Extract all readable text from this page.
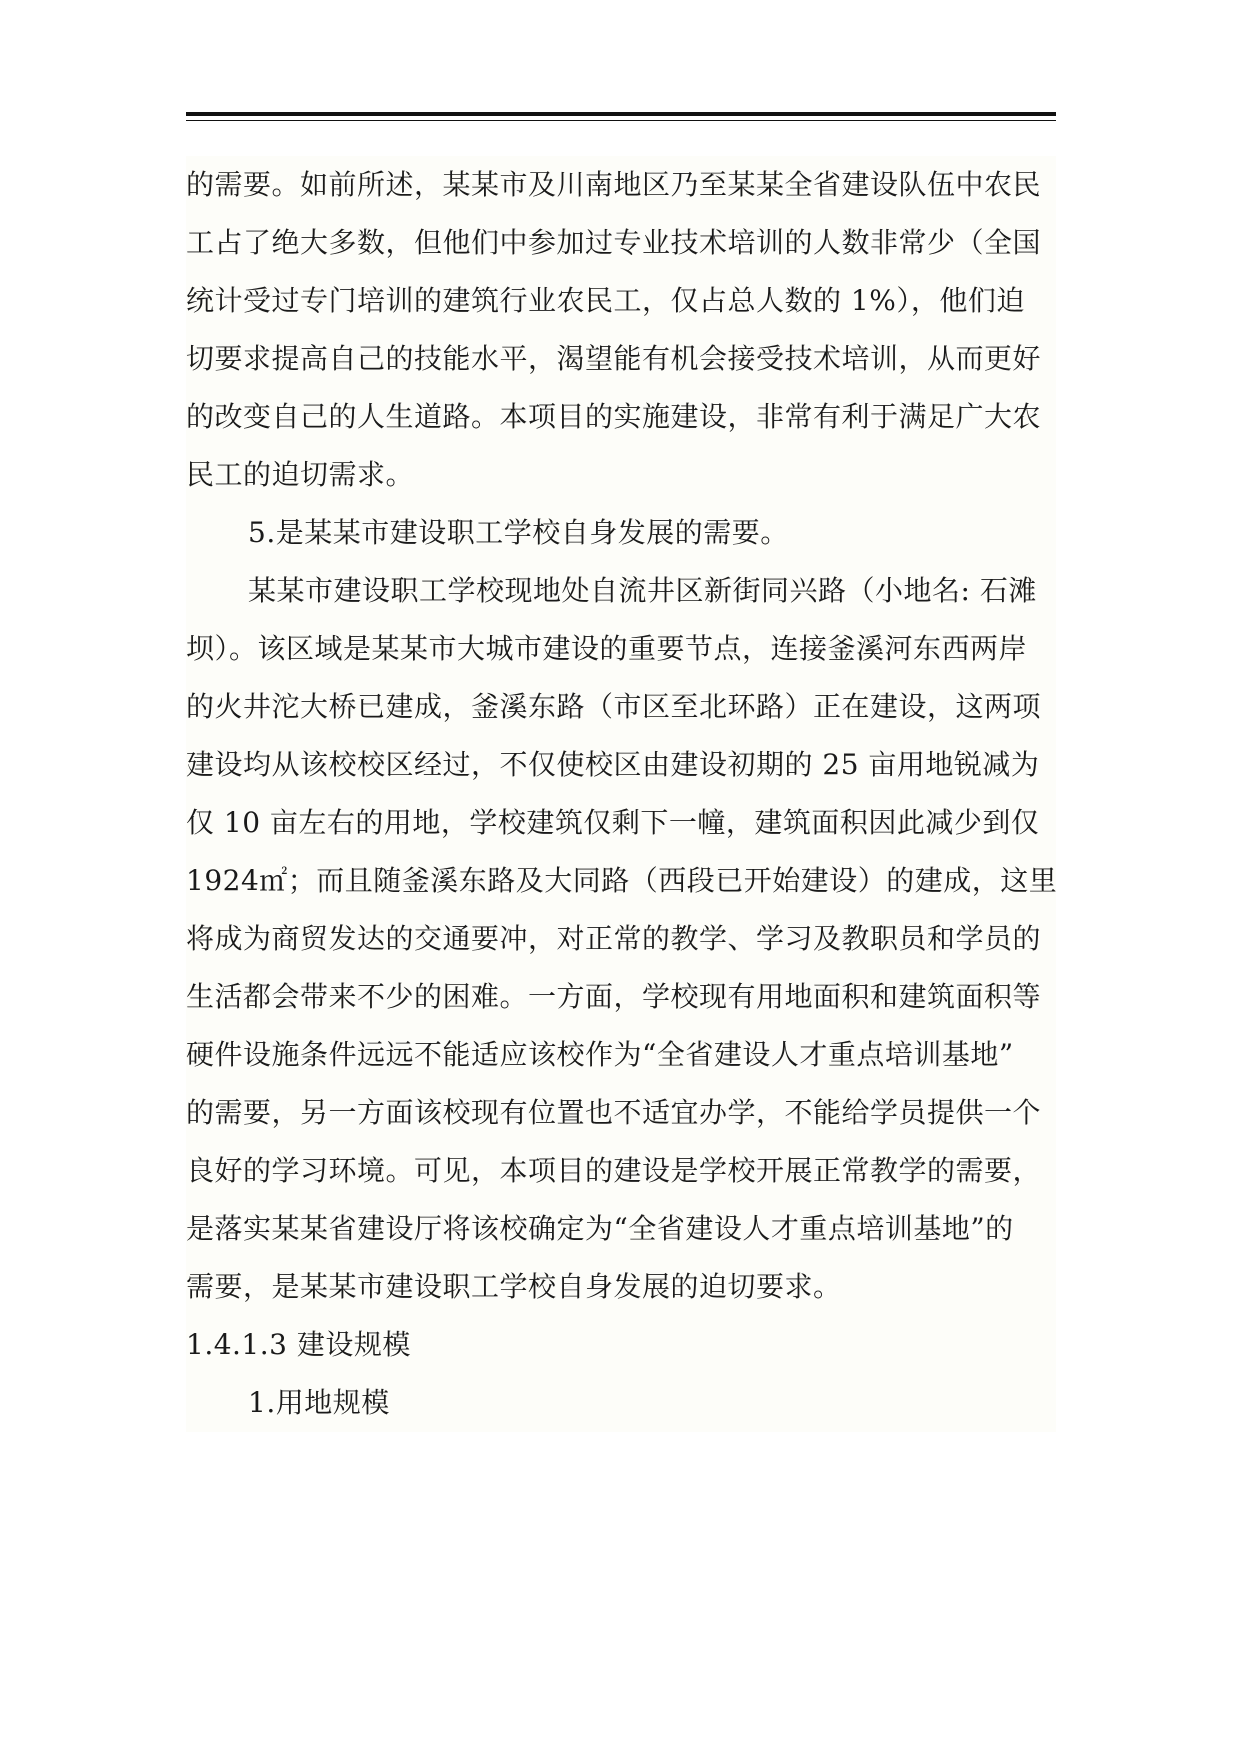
的需要。如前所述，某某市及川南地区乃至某某全省建设队伍中农民
工占了绝大多数，但他们中参加过专业技术培训的人数非常少（全国
统计受过专门培训的建筑行业农民工，仅占总人数的 1%），他们迫
切要求提高自己的技能水平，渴望能有机会接受技术培训，从而更好
的改变自己的人生道路。本项目的实施建设，非常有利于满足广大农
民工的迫切需求。
5.是某某市建设职工学校自身发展的需要。
某某市建设职工学校现地处自流井区新街同兴路（小地名: 石滩
坝）。该区域是某某市大城市建设的重要节点，连接釜溪河东西两岸
的火井沱大桥已建成，釜溪东路（市区至北环路）正在建设，这两项
建设均从该校校区经过，不仅使校区由建设初期的 25 亩用地锐减为
仅 10 亩左右的用地，学校建筑仅剩下一幢，建筑面积因此减少到仅
1924㎡；而且随釜溪东路及大同路（西段已开始建设）的建成，这里
将成为商贸发达的交通要冲，对正常的教学、学习及教职员和学员的
生活都会带来不少的困难。一方面，学校现有用地面积和建筑面积等
硬件设施条件远远不能适应该校作为“全省建设人才重点培训基地”
的需要，另一方面该校现有位置也不适宜办学，不能给学员提供一个
良好的学习环境。可见，本项目的建设是学校开展正常教学的需要，
是落实某某省建设厅将该校确定为“全省建设人才重点培训基地”的
需要，是某某市建设职工学校自身发展的迫切要求。
1.4.1.3 建设规模
1.用地规模
